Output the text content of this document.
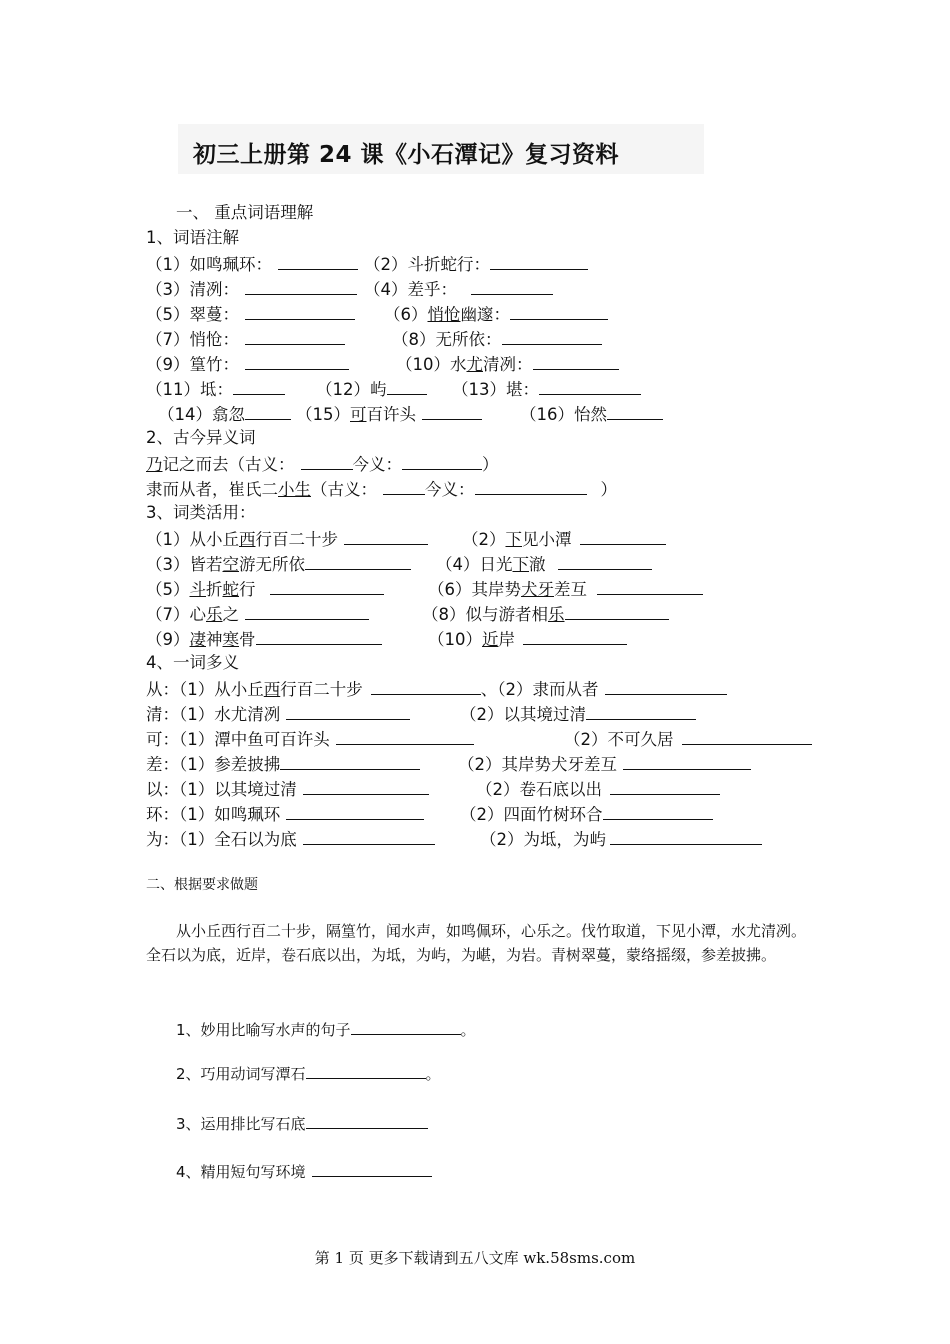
初三上册第 24 课《小石潭记》复习资料
一、 重点词语理解
1、词语注解
（1）如鸣珮环：	（2）斗折蛇行：
（3）清冽：	（4）差乎：
（5）翠蔓：	（6）悄怆幽邃：
（7）悄怆：	（8）无所依：
（9）篁竹：	（10）水尤清冽：
（11）坻：	（12）屿	（13）堪：
（14）翕忽	（15）可百许头	（16）怡然
2、古今异义词
乃记之而去（古义：	今义：	）
隶而从者，崔氏二小生（古义：	今义：	）
3、词类活用：
（1）从小丘西行百二十步	（2）下见小潭
（3）皆若空游无所依	（4）日光下澈
（5）斗折蛇行	（6）其岸势犬牙差互
（7）心乐之	（8）似与游者相乐
（9）凄神寒骨	（10）近岸
4、一词多义
从：（1）从小丘西行百二十步	、（2）隶而从者
清：（1）水尤清冽	（2）以其境过清
可：（1）潭中鱼可百许头	（2）不可久居
差：（1）参差披拂	（2）其岸势犬牙差互
以：（1）以其境过清	（2）卷石底以出
环：（1）如鸣珮环	（2）四面竹树环合
为：（1）全石以为底	（2）为坻，为屿
二、根据要求做题
从小丘西行百二十步，隔篁竹，闻水声，如鸣佩环，心乐之。伐竹取道，下见小潭，水尤清冽。全石以为底，近岸，卷石底以出，为坻，为屿，为嵁，为岩。青树翠蔓，蒙络摇缀，参差披拂。
1、妙用比喻写水声的句子	。
2、巧用动词写潭石	。
3、运用排比写石底
4、精用短句写环境
第 1 页 更多下载请到五八文库 wk.58sms.com
